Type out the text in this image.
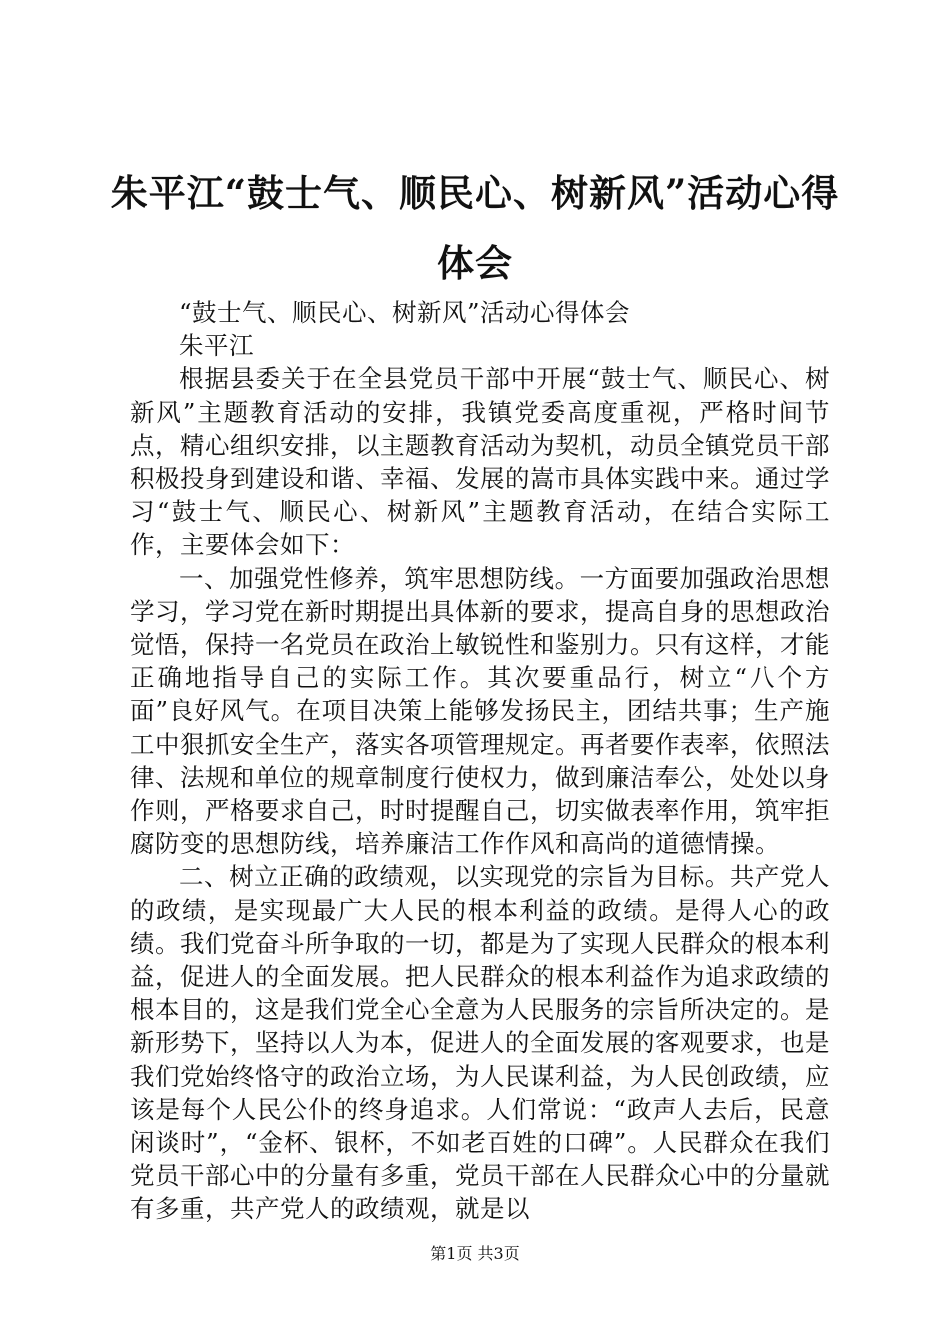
朱平江“鼓士气、顺民心、树新风”活动心得体会

“鼓士气、顺民心、树新风”活动心得体会

朱平江

根据县委关于在全县党员干部中开展“鼓士气、顺民心、树新风”主题教育活动的安排，我镇党委高度重视，严格时间节点，精心组织安排，以主题教育活动为契机，动员全镇党员干部积极投身到建设和谐、幸福、发展的嵩市具体实践中来。通过学习“鼓士气、顺民心、树新风”主题教育活动，在结合实际工作，主要体会如下：

一、加强党性修养，筑牢思想防线。一方面要加强政治思想学习，学习党在新时期提出具体新的要求，提高自身的思想政治觉悟，保持一名党员在政治上敏锐性和鉴别力。只有这样，才能正确地指导自己的实际工作。其次要重品行，树立“八个方面”良好风气。在项目决策上能够发扬民主，团结共事；生产施工中狠抓安全生产，落实各项管理规定。再者要作表率，依照法律、法规和单位的规章制度行使权力，做到廉洁奉公，处处以身作则，严格要求自己，时时提醒自己，切实做表率作用，筑牢拒腐防变的思想防线，培养廉洁工作作风和高尚的道德情操。

二、树立正确的政绩观，以实现党的宗旨为目标。共产党人的政绩，是实现最广大人民的根本利益的政绩。是得人心的政绩。我们党奋斗所争取的一切，都是为了实现人民群众的根本利益，促进人的全面发展。把人民群众的根本利益作为追求政绩的根本目的，这是我们党全心全意为人民服务的宗旨所决定的。是新形势下，坚持以人为本，促进人的全面发展的客观要求，也是我们党始终恪守的政治立场，为人民谋利益，为人民创政绩，应该是每个人民公仆的终身追求。人们常说：“政声人去后，民意闲谈时”，“金杯、银杯，不如老百姓的口碑”。人民群众在我们党员干部心中的分量有多重，党员干部在人民群众心中的分量就有多重，共产党人的政绩观，就是以

第1页 共3页
